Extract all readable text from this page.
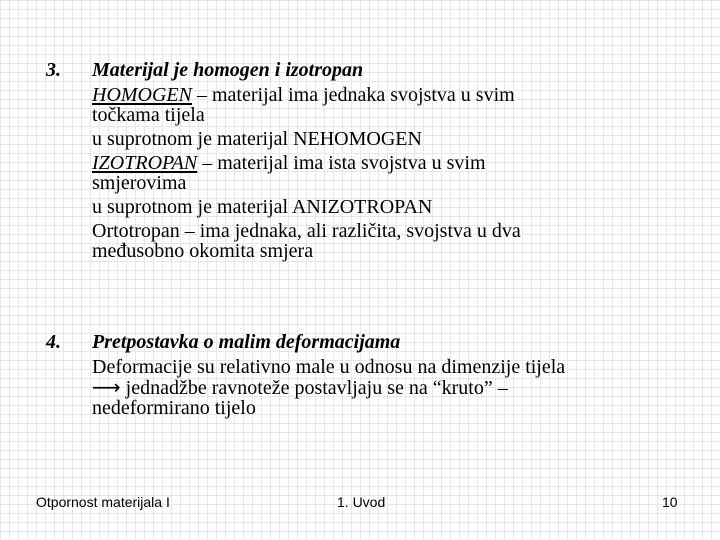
3. Materijal je homogen i izotropan
HOMOGEN – materijal ima jednaka svojstva u svim
točkama tijela
u suprotnom je materijal NEHOMOGEN
IZOTROPAN – materijal ima ista svojstva u svim
smjerovima
u suprotnom je materijal ANIZOTROPAN
Ortotropan – ima jednaka, ali različita, svojstva u dva
međusobno okomita smjera
4. Pretpostavka o malim deformacijama
Deformacije su relativno male u odnosu na dimenzije tijela
⟶ jednadžbe ravnoteže postavljaju se na “kruto” –
nedeformirano tijelo
Otpornost materijala I	1. Uvod	10
